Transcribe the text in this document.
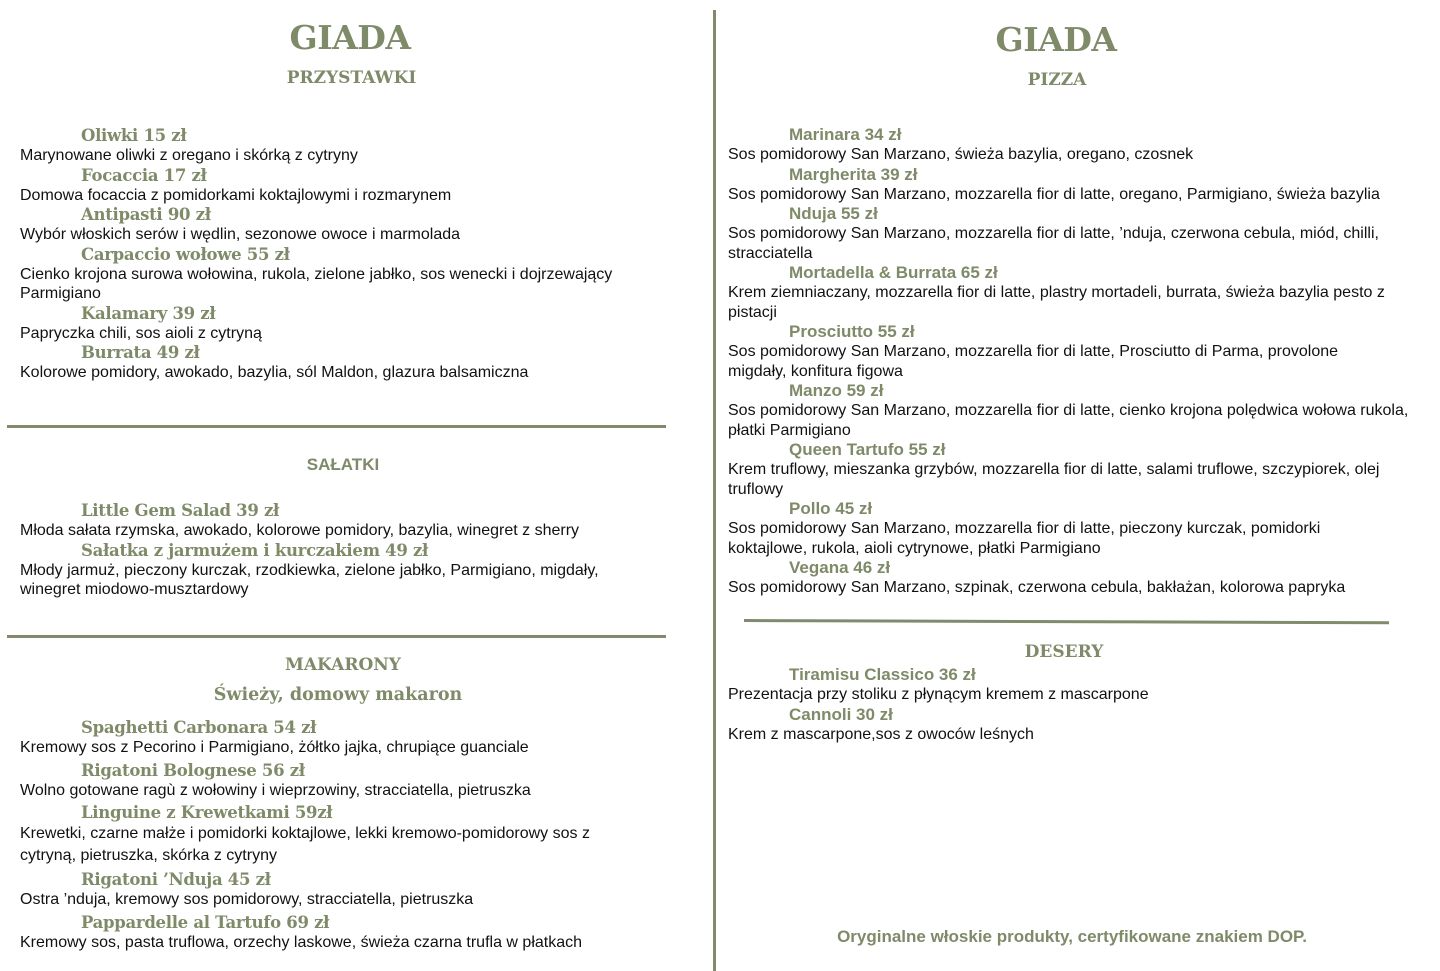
GIADA
PRZYSTAWKI
Oliwki 15 zł
Marynowane oliwki z oregano i skórką z cytryny
Focaccia 17 zł
Domowa focaccia z pomidorkami koktajlowymi i rozmarynem
Antipasti 90 zł
Wybór włoskich serów i wędlin, sezonowe owoce i marmolada
Carpaccio wołowe 55 zł
Cienko krojona surowa wołowina, rukola, zielone jabłko, sos wenecki i dojrzewający Parmigiano
Kalamary 39 zł
Papryczka chili, sos aioli z cytryną
Burrata 49 zł
Kolorowe pomidory, awokado, bazylia, sól Maldon, glazura balsamiczna
SAŁATKI
Little Gem Salad 39 zł
Młoda sałata rzymska, awokado, kolorowe pomidory, bazylia, winegret z sherry
Sałatka z jarmużem i kurczakiem 49 zł
Młody jarmuż, pieczony kurczak, rzodkiewka, zielone jabłko, Parmigiano, migdały, winegret miodowo-musztardowy
MAKARONY
Świeży, domowy makaron
Spaghetti Carbonara 54 zł
Kremowy sos z Pecorino i Parmigiano, żółtko jajka, chrupiące guanciale
Rigatoni Bolognese 56 zł
Wolno gotowane ragù z wołowiny i wieprzowiny, stracciatella, pietruszka
Linguine z Krewetkami 59zł
Krewetki, czarne małże i pomidorki koktajlowe, lekki kremowo-pomidorowy sos z cytryną, pietruszka, skórka z cytryny
Rigatoni ’Nduja 45 zł
Ostra ’nduja, kremowy sos pomidorowy, stracciatella, pietruszka
Pappardelle al Tartufo 69 zł
Kremowy sos, pasta truflowa, orzechy laskowe, świeża czarna trufla w płatkach
GIADA
PIZZA
Marinara 34 zł
Sos pomidorowy San Marzano, świeża bazylia, oregano, czosnek
Margherita 39 zł
Sos pomidorowy San Marzano, mozzarella fior di latte, oregano, Parmigiano, świeża bazylia
Nduja 55 zł
Sos pomidorowy San Marzano, mozzarella fior di latte, ’nduja, czerwona cebula, miód, chilli, stracciatella
Mortadella & Burrata 65 zł
Krem ziemniaczany, mozzarella fior di latte, plastry mortadeli, burrata, świeża bazylia pesto z pistacji
Prosciutto 55 zł
Sos pomidorowy San Marzano, mozzarella fior di latte, Prosciutto di Parma, provolone migdały, konfitura figowa
Manzo 59 zł
Sos pomidorowy San Marzano, mozzarella fior di latte, cienko krojona polędwica wołowa rukola, płatki Parmigiano
Queen Tartufo 55 zł
Krem truflowy, mieszanka grzybów, mozzarella fior di latte, salami truflowe, szczypiorek, olej truflowy
Pollo 45 zł
Sos pomidorowy San Marzano, mozzarella fior di latte, pieczony kurczak, pomidorki koktajlowe, rukola, aioli cytrynowe, płatki Parmigiano
Vegana 46 zł
Sos pomidorowy San Marzano, szpinak, czerwona cebula, bakłażan, kolorowa papryka
DESERY
Tiramisu Classico 36 zł
Prezentacja przy stoliku z płynącym kremem z mascarpone
Cannoli 30 zł
Krem z mascarpone,sos z owoców leśnych
Oryginalne włoskie produkty, certyfikowane znakiem DOP.
